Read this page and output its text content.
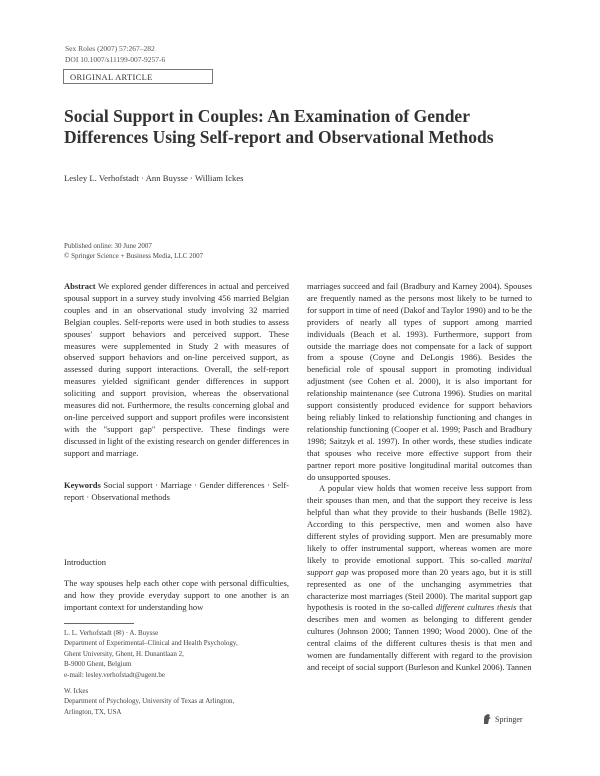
Sex Roles (2007) 57:267–282
DOI 10.1007/s11199-007-9257-6
ORIGINAL ARTICLE
Social Support in Couples: An Examination of Gender Differences Using Self-report and Observational Methods
Lesley L. Verhofstadt · Ann Buysse · William Ickes
Published online: 30 June 2007
© Springer Science + Business Media, LLC 2007

Abstract We explored gender differences in actual and perceived spousal support in a survey study involving 456 married Belgian couples and in an observational study involving 32 married Belgian couples. Self-reports were used in both studies to assess spouses' support behaviors and perceived support. These measures were supplemented in Study 2 with measures of observed support behaviors and on-line perceived support, as assessed during support interactions. Overall, the self-report measures yielded significant gender differences in support soliciting and support provision, whereas the observational measures did not. Furthermore, the results concerning global and on-line perceived support and support profiles were inconsistent with the "support gap" perspective. These findings were discussed in light of the existing research on gender differences in support and marriage.

Keywords Social support · Marriage · Gender differences · Self-report · Observational methods
Introduction
The way spouses help each other cope with personal difficulties, and how they provide everyday support to one another is an important context for understanding how

L. L. Verhofstadt (✉) · A. Buysse
Department of Experimental–Clinical and Health Psychology,
Ghent University, Ghent, H. Dunantlaan 2,
B-9000 Ghent, Belgium
e-mail: lesley.verhofstadt@ugent.be

W. Ickes
Department of Psychology, University of Texas at Arlington,
Arlington, TX, USA

marriages succeed and fail (Bradbury and Karney 2004). Spouses are frequently named as the persons most likely to be turned to for support in time of need (Dakof and Taylor 1990) and to be the providers of nearly all types of support among married individuals (Beach et al. 1993). Furthermore, support from outside the marriage does not compensate for a lack of support from a spouse (Coyne and DeLongis 1986). Besides the beneficial role of spousal support in promoting individual adjustment (see Cohen et al. 2000), it is also important for relationship maintenance (see Cutrona 1996). Studies on marital support consistently produced evidence for support behaviors being reliably linked to relationship functioning and changes in relationship functioning (Cooper et al. 1999; Pasch and Bradbury 1998; Saitzyk et al. 1997). In other words, these studies indicate that spouses who receive more effective support from their partner report more positive longitudinal marital outcomes than do unsupported spouses.

A popular view holds that women receive less support from their spouses than men, and that the support they receive is less helpful than what they provide to their husbands (Belle 1982). According to this perspective, men and women also have different styles of providing support. Men are presumably more likely to offer instrumental support, whereas women are more likely to provide emotional support. This so-called marital support gap was proposed more than 20 years ago, but it is still represented as one of the unchanging asymmetries that characterize most marriages (Steil 2000). The marital support gap hypothesis is rooted in the so-called different cultures thesis that describes men and women as belonging to different gender cultures (Johnson 2000; Tannen 1990; Wood 2000). One of the central claims of the different cultures thesis is that men and women are fundamentally different with regard to the provision and receipt of social support (Burleson and Kunkel 2006). Tannen

Springer
